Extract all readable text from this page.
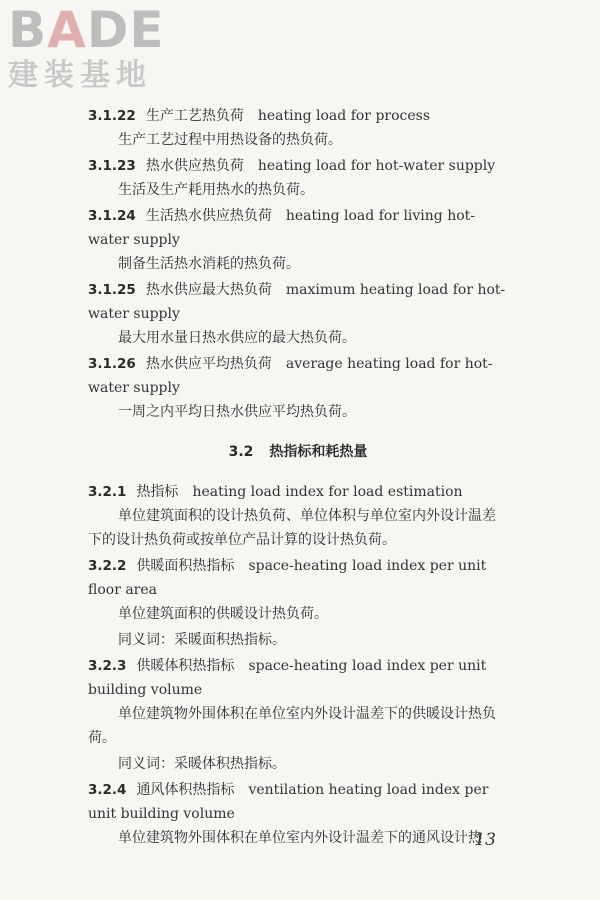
BADE
建装基地

3.1.22 生产工艺热负荷 heating load for process

生产工艺过程中用热设备的热负荷。

3.1.23 热水供应热负荷 heating load for hot-water supply

生活及生产耗用热水的热负荷。

3.1.24 生活热水供应热负荷 heating load for living hot-water supply

制备生活热水消耗的热负荷。

3.1.25 热水供应最大热负荷 maximum heating load for hot-water supply

最大用水量日热水供应的最大热负荷。

3.1.26 热水供应平均热负荷 average heating load for hot-water supply

一周之内平均日热水供应平均热负荷。

3.2 热指标和耗热量

3.2.1 热指标 heating load index for load estimation

单位建筑面积的设计热负荷、单位体积与单位室内外设计温差下的设计热负荷或按单位产品计算的设计热负荷。

3.2.2 供暖面积热指标 space-heating load index per unit floor area

单位建筑面积的供暖设计热负荷。

同义词：采暖面积热指标。

3.2.3 供暖体积热指标 space-heating load index per unit building volume

单位建筑物外围体积在单位室内外设计温差下的供暖设计热负荷。

同义词：采暖体积热指标。

3.2.4 通风体积热指标 ventilation heating load index per unit building volume

单位建筑物外围体积在单位室内外设计温差下的通风设计热

13
